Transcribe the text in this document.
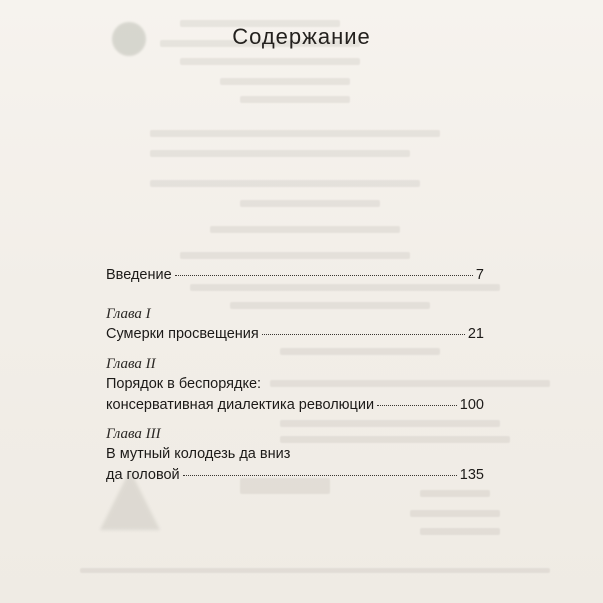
Содержание
Введение	7
Глава I
Сумерки просвещения	21
Глава II
Порядок в беспорядке:
консервативная диалектика революции	100
Глава III
В мутный колодезь да вниз
да головой	135
